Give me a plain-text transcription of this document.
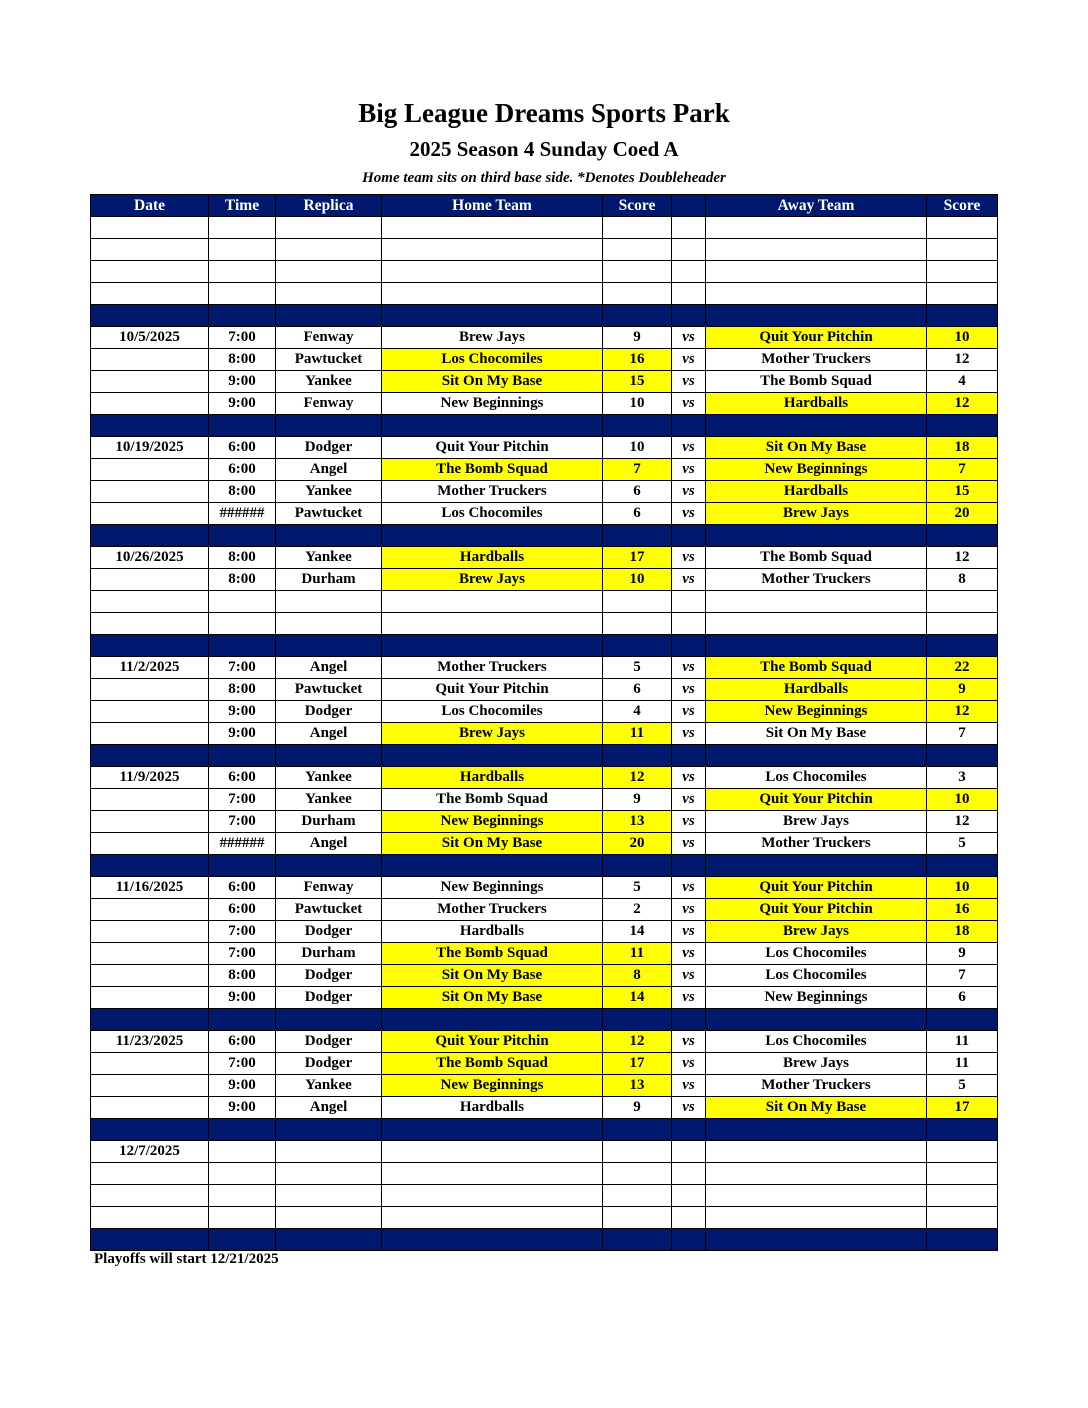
Big League Dreams Sports Park
2025 Season 4 Sunday Coed A
Home team sits on third base side. *Denotes Doubleheader
Date	Time	Replica	Home Team	Score		Away Team	Score

10/5/2025	7:00	Fenway	Brew Jays	9	vs	Quit Your Pitchin	10
	8:00	Pawtucket	Los Chocomiles	16	vs	Mother Truckers	12
	9:00	Yankee	Sit On My Base	15	vs	The Bomb Squad	4
	9:00	Fenway	New Beginnings	10	vs	Hardballs	12

10/19/2025	6:00	Dodger	Quit Your Pitchin	10	vs	Sit On My Base	18
	6:00	Angel	The Bomb Squad	7	vs	New Beginnings	7
	8:00	Yankee	Mother Truckers	6	vs	Hardballs	15
	######	Pawtucket	Los Chocomiles	6	vs	Brew Jays	20

10/26/2025	8:00	Yankee	Hardballs	17	vs	The Bomb Squad	12
	8:00	Durham	Brew Jays	10	vs	Mother Truckers	8

11/2/2025	7:00	Angel	Mother Truckers	5	vs	The Bomb Squad	22
	8:00	Pawtucket	Quit Your Pitchin	6	vs	Hardballs	9
	9:00	Dodger	Los Chocomiles	4	vs	New Beginnings	12
	9:00	Angel	Brew Jays	11	vs	Sit On My Base	7

11/9/2025	6:00	Yankee	Hardballs	12	vs	Los Chocomiles	3
	7:00	Yankee	The Bomb Squad	9	vs	Quit Your Pitchin	10
	7:00	Durham	New Beginnings	13	vs	Brew Jays	12
	######	Angel	Sit On My Base	20	vs	Mother Truckers	5

11/16/2025	6:00	Fenway	New Beginnings	5	vs	Quit Your Pitchin	10
	6:00	Pawtucket	Mother Truckers	2	vs	Quit Your Pitchin	16
	7:00	Dodger	Hardballs	14	vs	Brew Jays	18
	7:00	Durham	The Bomb Squad	11	vs	Los Chocomiles	9
	8:00	Dodger	Sit On My Base	8	vs	Los Chocomiles	7
	9:00	Dodger	Sit On My Base	14	vs	New Beginnings	6

11/23/2025	6:00	Dodger	Quit Your Pitchin	12	vs	Los Chocomiles	11
	7:00	Dodger	The Bomb Squad	17	vs	Brew Jays	11
	9:00	Yankee	New Beginnings	13	vs	Mother Truckers	5
	9:00	Angel	Hardballs	9	vs	Sit On My Base	17

12/7/2025							

Playoffs will start 12/21/2025
